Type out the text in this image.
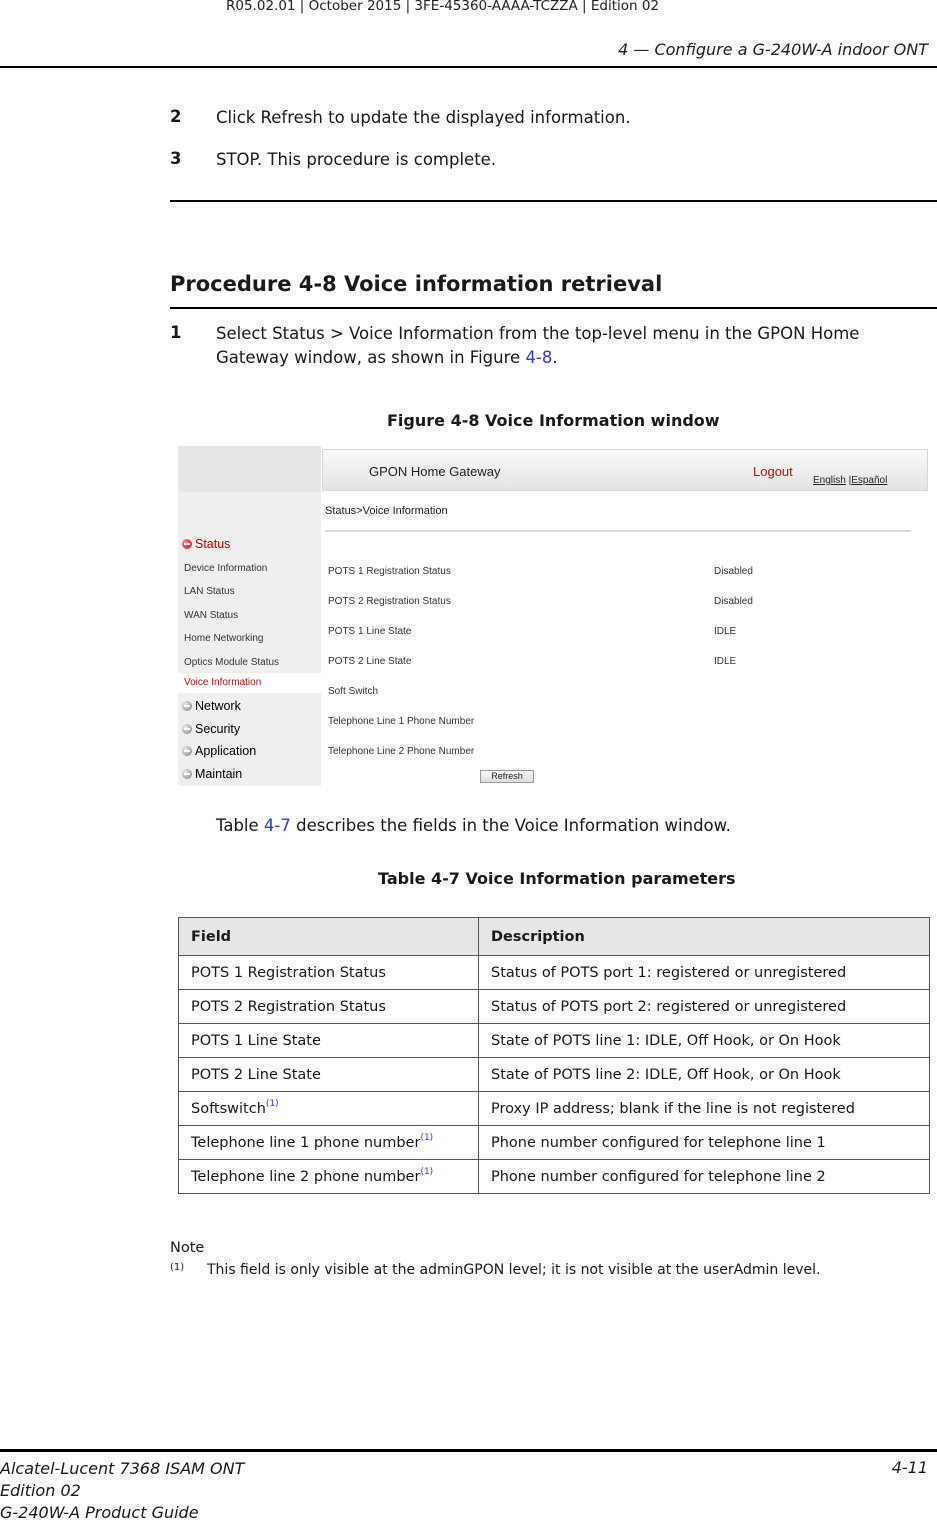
R05.02.01 | October 2015 | 3FE-45360-AAAA-TCZZA | Edition 02
4 — Configure a G-240W-A indoor ONT
2 Click Refresh to update the displayed information.
3 STOP. This procedure is complete.
Procedure 4-8 Voice information retrieval
1 Select Status > Voice Information from the top-level menu in the GPON Home Gateway window, as shown in Figure 4-8.
Figure 4-8 Voice Information window
GPON Home Gateway	Logout
English |Español
Status
Device Information
LAN Status
WAN Status
Home Networking
Optics Module Status
Voice Information
Network
Security
Application
Maintain
Status>Voice Information
POTS 1 Registration Status	Disabled
POTS 2 Registration Status	Disabled
POTS 1 Line State	IDLE
POTS 2 Line State	IDLE
Soft Switch
Telephone Line 1 Phone Number
Telephone Line 2 Phone Number
Refresh
Table 4-7 describes the fields in the Voice Information window.
Table 4-7 Voice Information parameters
Field	Description
POTS 1 Registration Status	Status of POTS port 1: registered or unregistered
POTS 2 Registration Status	Status of POTS port 2: registered or unregistered
POTS 1 Line State	State of POTS line 1: IDLE, Off Hook, or On Hook
POTS 2 Line State	State of POTS line 2: IDLE, Off Hook, or On Hook
Softswitch$^{(1)}$	Proxy IP address; blank if the line is not registered
Telephone line 1 phone number$^{(1)}$	Phone number configured for telephone line 1
Telephone line 2 phone number$^{(1)}$	Phone number configured for telephone line 2
Note
(1) This field is only visible at the adminGPON level; it is not visible at the userAdmin level.
Alcatel-Lucent 7368 ISAM ONT
Edition 02
G-240W-A Product Guide
4-11
